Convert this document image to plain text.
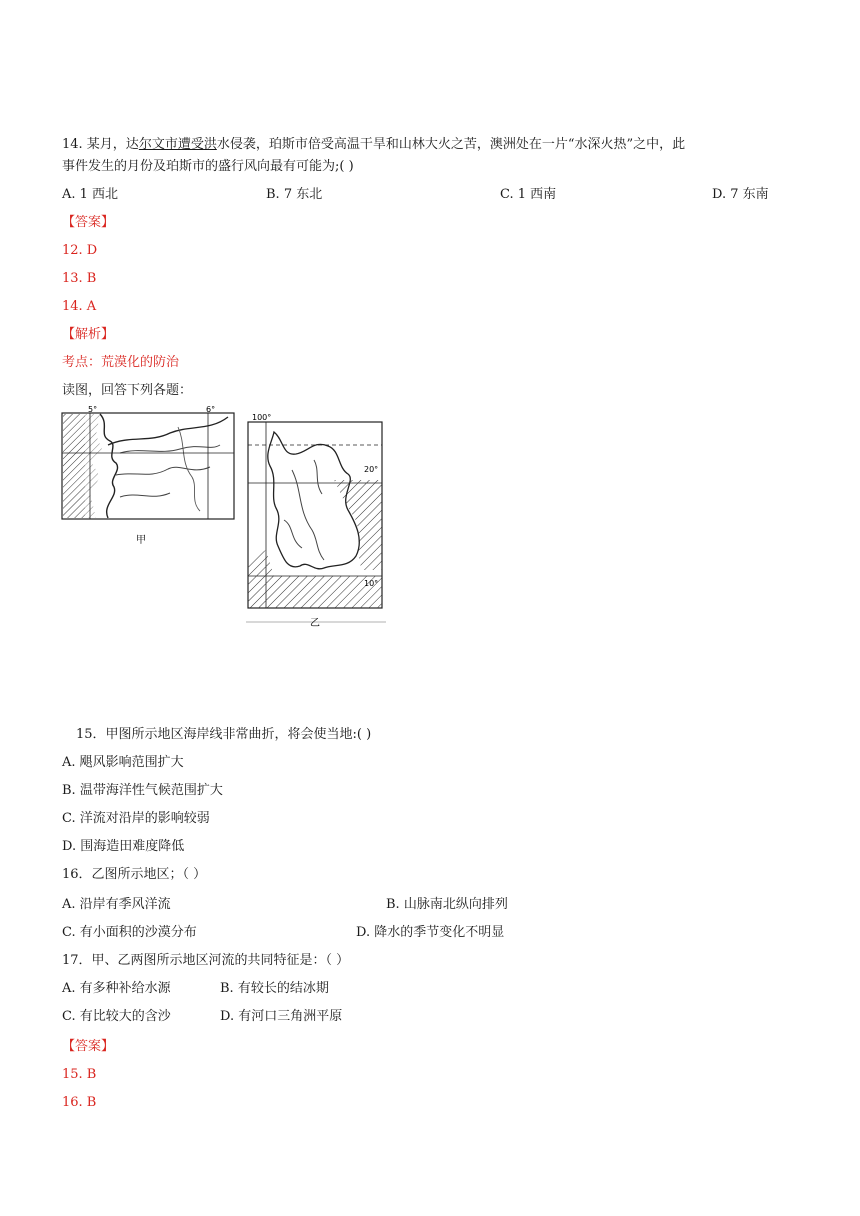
14. 某月，达尔文市遭受洪水侵袭，珀斯市倍受高温干旱和山林大火之苦，澳洲处在一片“水深火热”之中，此
事件发生的月份及珀斯市的盛行风向最有可能为;( )
A. 1 西北	B. 7 东北	C. 1 西南	D. 7 东南
【答案】
12. D
13. B
14. A
【解析】
考点：荒漠化的防治
读图，回答下列各题：
5°	6°
甲
100°
20°
10°
乙
15．甲图所示地区海岸线非常曲折，将会使当地:( )
A. 飓风影响范围扩大
B. 温带海洋性气候范围扩大
C. 洋流对沿岸的影响较弱
D. 围海造田难度降低
16．乙图所示地区；（ ）
A. 沿岸有季风洋流	B. 山脉南北纵向排列
C. 有小面积的沙漠分布	D. 降水的季节变化不明显
17．甲、乙两图所示地区河流的共同特征是：（ ）
A. 有多种补给水源	B. 有较长的结冰期
C. 有比较大的含沙	D. 有河口三角洲平原
【答案】
15. B
16. B
